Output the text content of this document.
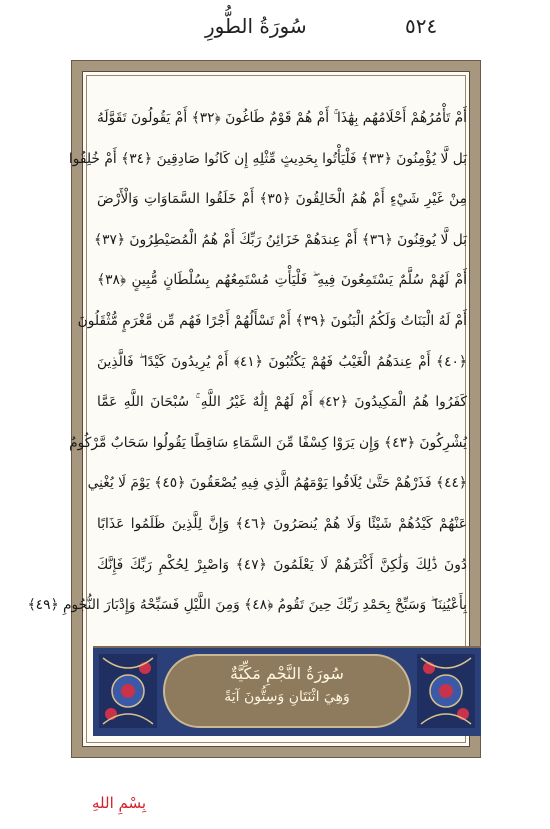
٥٢٤
سُورَةُ الطُّورِ
أَمْ تَأْمُرُهُمْ أَحْلَامُهُم بِهَٰذَا ۚ أَمْ هُمْ قَوْمٌ طَاغُونَ ﴿٣٢﴾ أَمْ يَقُولُونَ تَقَوَّلَهُ
بَل لَّا يُؤْمِنُونَ ﴿٣٣﴾ فَلْيَأْتُوا بِحَدِيثٍ مِّثْلِهِ إِن كَانُوا صَادِقِينَ ﴿٣٤﴾ أَمْ خُلِقُوا
مِنْ غَيْرِ شَيْءٍ أَمْ هُمُ الْخَالِقُونَ ﴿٣٥﴾ أَمْ خَلَقُوا السَّمَاوَاتِ وَالْأَرْضَ
بَل لَّا يُوقِنُونَ ﴿٣٦﴾ أَمْ عِندَهُمْ خَزَائِنُ رَبِّكَ أَمْ هُمُ الْمُصَيْطِرُونَ ﴿٣٧﴾
أَمْ لَهُمْ سُلَّمٌ يَسْتَمِعُونَ فِيهِ ۖ فَلْيَأْتِ مُسْتَمِعُهُم بِسُلْطَانٍ مُّبِينٍ ﴿٣٨﴾
أَمْ لَهُ الْبَنَاتُ وَلَكُمُ الْبَنُونَ ﴿٣٩﴾ أَمْ تَسْأَلُهُمْ أَجْرًا فَهُم مِّن مَّغْرَمٍ مُّثْقَلُونَ
﴿٤٠﴾ أَمْ عِندَهُمُ الْغَيْبُ فَهُمْ يَكْتُبُونَ ﴿٤١﴾ أَمْ يُرِيدُونَ كَيْدًا ۖ فَالَّذِينَ
كَفَرُوا هُمُ الْمَكِيدُونَ ﴿٤٢﴾ أَمْ لَهُمْ إِلَٰهٌ غَيْرُ اللَّهِ ۚ سُبْحَانَ اللَّهِ عَمَّا
يُشْرِكُونَ ﴿٤٣﴾ وَإِن يَرَوْا كِسْفًا مِّنَ السَّمَاءِ سَاقِطًا يَقُولُوا سَحَابٌ مَّرْكُومٌ
﴿٤٤﴾ فَذَرْهُمْ حَتَّىٰ يُلَاقُوا يَوْمَهُمُ الَّذِي فِيهِ يُصْعَقُونَ ﴿٤٥﴾ يَوْمَ لَا يُغْنِي
عَنْهُمْ كَيْدُهُمْ شَيْئًا وَلَا هُمْ يُنصَرُونَ ﴿٤٦﴾ وَإِنَّ لِلَّذِينَ ظَلَمُوا عَذَابًا
دُونَ ذَٰلِكَ وَلَٰكِنَّ أَكْثَرَهُمْ لَا يَعْلَمُونَ ﴿٤٧﴾ وَاصْبِرْ لِحُكْمِ رَبِّكَ فَإِنَّكَ
بِأَعْيُنِنَا ۖ وَسَبِّحْ بِحَمْدِ رَبِّكَ حِينَ تَقُومُ ﴿٤٨﴾ وَمِنَ اللَّيْلِ فَسَبِّحْهُ وَإِدْبَارَ النُّجُومِ ﴿٤٩﴾
سُورَةُ النَّجْمِ مَكِّيَّةٌ
وَهِيَ اثْنَتَانِ وَسِتُّونَ آيَةً
بِسْمِ اللهِ
